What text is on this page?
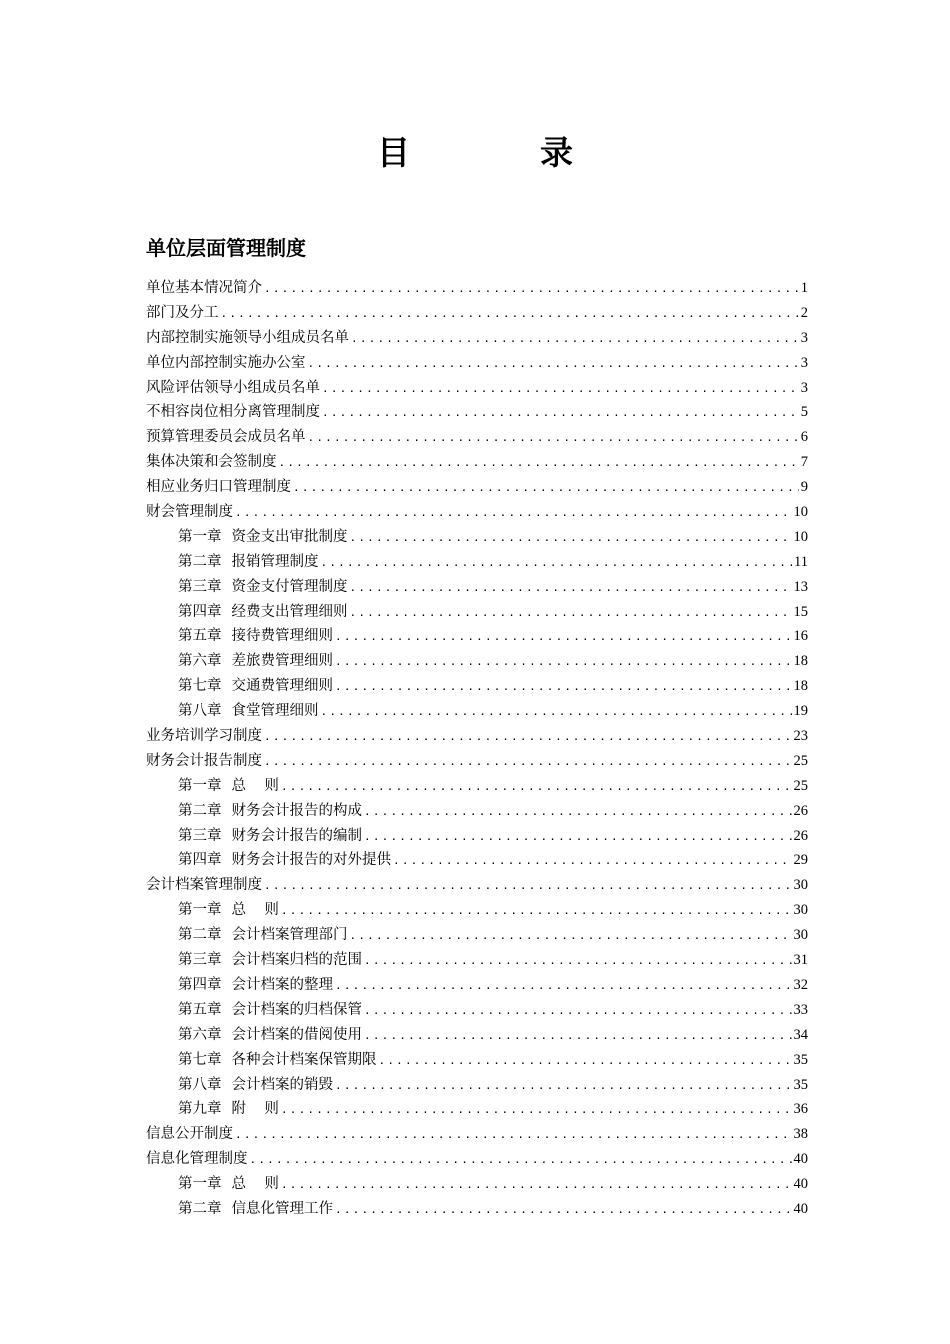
目	录
单位层面管理制度
单位基本情况简介 .....	1
部门及分工 .....	2
内部控制实施领导小组成员名单 .....	3
单位内部控制实施办公室 .....	3
风险评估领导小组成员名单 .....	3
不相容岗位相分离管理制度 .....	5
预算管理委员会成员名单 .....	6
集体决策和会签制度 .....	7
相应业务归口管理制度 .....	9
财会管理制度 .....	10
第一章 资金支出审批制度 .....	10
第二章 报销管理制度 .....	11
第三章 资金支付管理制度 .....	13
第四章 经费支出管理细则 .....	15
第五章 接待费管理细则 .....	16
第六章 差旅费管理细则 .....	18
第七章 交通费管理细则 .....	18
第八章 食堂管理细则 .....	19
业务培训学习制度 .....	23
财务会计报告制度 .....	25
第一章 总    则 .....	25
第二章 财务会计报告的构成 .....	26
第三章 财务会计报告的编制 .....	26
第四章 财务会计报告的对外提供 .....	29
会计档案管理制度 .....	30
第一章 总    则 .....	30
第二章 会计档案管理部门 .....	30
第三章 会计档案归档的范围 .....	31
第四章 会计档案的整理 .....	32
第五章 会计档案的归档保管 .....	33
第六章 会计档案的借阅使用 .....	34
第七章 各种会计档案保管期限 .....	35
第八章 会计档案的销毁 .....	35
第九章 附    则 .....	36
信息公开制度 .....	38
信息化管理制度 .....	40
第一章 总    则 .....	40
第二章 信息化管理工作 .....	40
